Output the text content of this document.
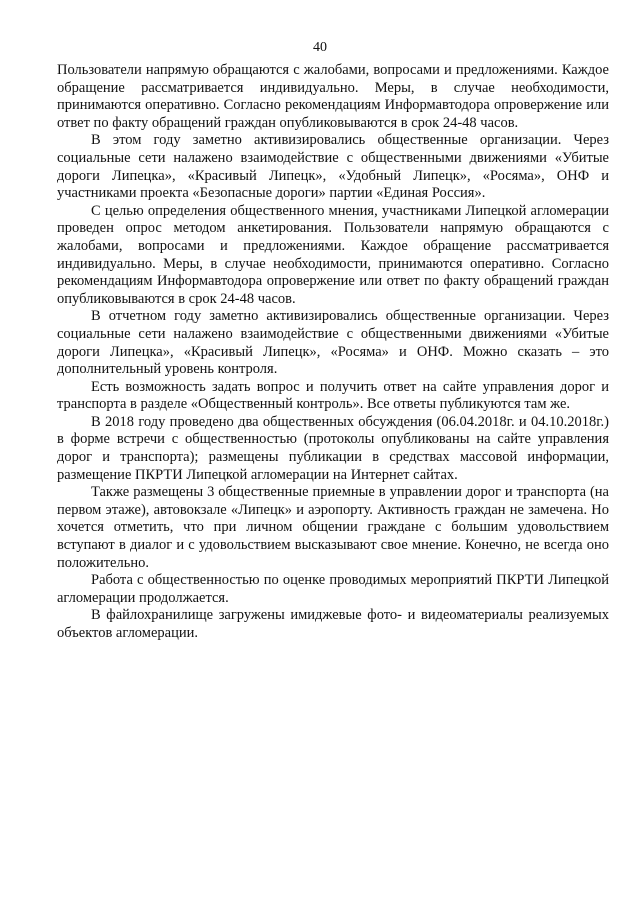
40

Пользователи напрямую обращаются с жалобами, вопросами и предложениями. Каждое обращение рассматривается индивидуально. Меры, в случае необходимости, принимаются оперативно. Согласно рекомендациям Информавтодора опровержение или ответ по факту обращений граждан опубликовываются в срок 24-48 часов.

В этом году заметно активизировались общественные организации. Через социальные сети налажено взаимодействие с общественными движениями «Убитые дороги Липецка», «Красивый Липецк», «Удобный Липецк», «Росяма», ОНФ и участниками проекта «Безопасные дороги» партии «Единая Россия».

С целью определения общественного мнения, участниками Липецкой агломерации проведен опрос методом анкетирования. Пользователи напрямую обращаются с жалобами, вопросами и предложениями. Каждое обращение рассматривается индивидуально. Меры, в случае необходимости, принимаются оперативно. Согласно рекомендациям Информавтодора опровержение или ответ по факту обращений граждан опубликовываются в срок 24-48 часов.

В отчетном году заметно активизировались общественные организации. Через социальные сети налажено взаимодействие с общественными движениями «Убитые дороги Липецка», «Красивый Липецк», «Росяма» и ОНФ. Можно сказать – это дополнительный уровень контроля.

Есть возможность задать вопрос и получить ответ на сайте управления дорог и транспорта в разделе «Общественный контроль». Все ответы публикуются там же.

В 2018 году проведено два общественных обсуждения (06.04.2018г. и 04.10.2018г.) в форме встречи с общественностью (протоколы опубликованы на сайте управления дорог и транспорта); размещены публикации в средствах массовой информации, размещение ПКРТИ Липецкой агломерации на Интернет сайтах.

Также размещены 3 общественные приемные в управлении дорог и транспорта (на первом этаже), автовокзале «Липецк» и аэропорту. Активность граждан не замечена. Но хочется отметить, что при личном общении граждане с большим удовольствием вступают в диалог и с удовольствием высказывают свое мнение. Конечно, не всегда оно положительно.

Работа с общественностью по оценке проводимых мероприятий ПКРТИ Липецкой агломерации продолжается.

В файлохранилище загружены имиджевые фото- и видеоматериалы реализуемых объектов агломерации.
